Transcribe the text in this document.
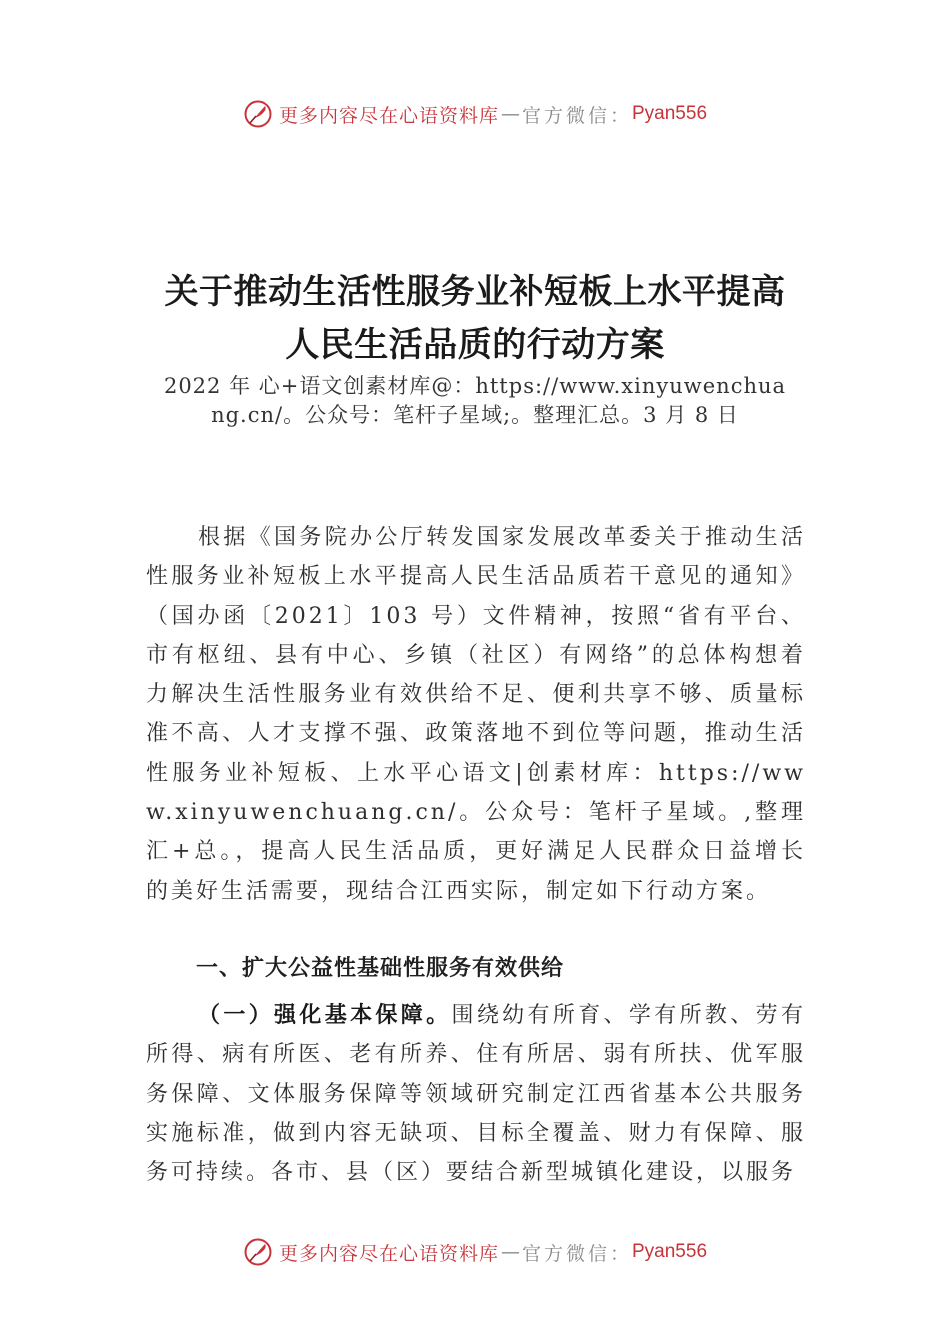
更多内容尽在心语资料库 — 官方微信： Pyan556
关于推动生活性服务业补短板上水平提高
人民生活品质的行动方案
2022 年 心+语文创素材库@：https://www.xinyuwenchuang.cn/。公众号：笔杆子星域;。整理汇总。3 月 8 日

根据《国务院办公厅转发国家发展改革委关于推动生活性服务业补短板上水平提高人民生活品质若干意见的通知》（国办函〔2021〕103 号）文件精神，按照“省有平台、市有枢纽、县有中心、乡镇（社区）有网络”的总体构想着力解决生活性服务业有效供给不足、便利共享不够、质量标准不高、人才支撑不强、政策落地不到位等问题，推动生活性服务业补短板、上水平心语文|创素材库：https://www.xinyuwenchuang.cn/。公众号：笔杆子星域。,整理汇+总。，提高人民生活品质，更好满足人民群众日益增长的美好生活需要，现结合江西实际，制定如下行动方案。

一、扩大公益性基础性服务有效供给

（一）强化基本保障。围绕幼有所育、学有所教、劳有所得、病有所医、老有所养、住有所居、弱有所扶、优军服务保障、文体服务保障等领域研究制定江西省基本公共服务实施标准，做到内容无缺项、目标全覆盖、财力有保障、服务可持续。各市、县（区）要结合新型城镇化建设，以服务

更多内容尽在心语资料库 — 官方微信： Pyan556
